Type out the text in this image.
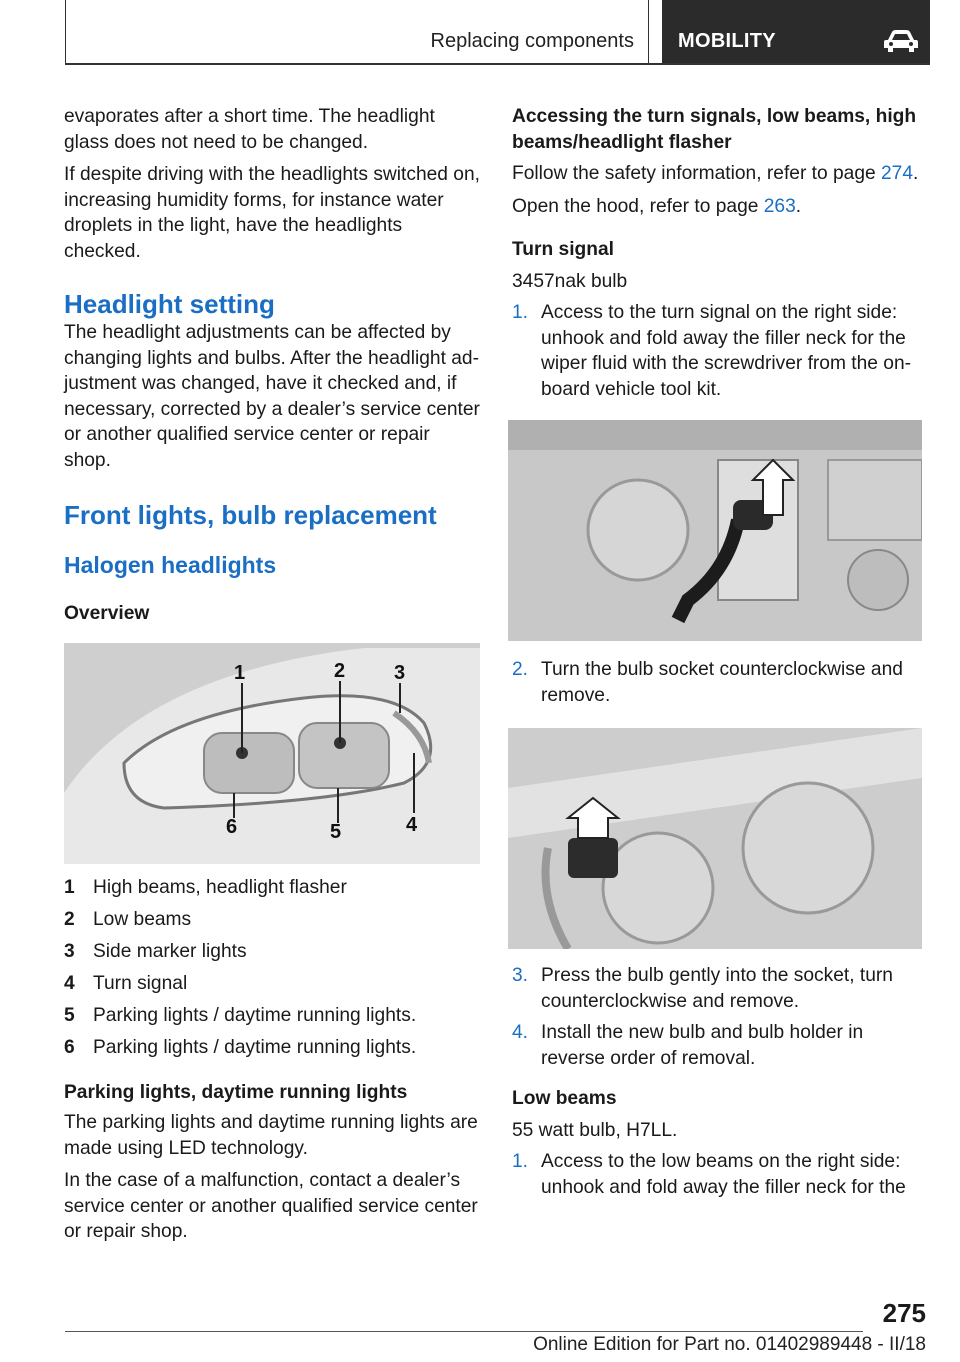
Replacing components MOBILITY

evaporates after a short time. The headlight glass does not need to be changed.

If despite driving with the headlights switched on, increasing humidity forms, for instance water droplets in the light, have the headlights checked.

Headlight setting

The headlight adjustments can be affected by changing lights and bulbs. After the headlight ad‐justment was changed, have it checked and, if necessary, corrected by a dealer’s service center or another qualified service center or repair shop.

Front lights, bulb replacement
Halogen headlights

Overview

1	2 3
6	5	4
1 High beams, headlight flasher
2 Low beams
3 Side marker lights
4 Turn signal
5 Parking lights / daytime running lights.
6 Parking lights / daytime running lights.

Parking lights, daytime running lights

The parking lights and daytime running lights are made using LED technology.

In the case of a malfunction, contact a dealer’s service center or another qualified service center or repair shop.

Accessing the turn signals, low beams, high beams/headlight flasher

Follow the safety information, refer to page 274.

Open the hood, refer to page 263.

Turn signal

3457nak bulb

1. Access to the turn signal on the right side: unhook and fold away the filler neck for the wiper fluid with the screwdriver from the on‐board vehicle tool kit.
2. Turn the bulb socket counterclockwise and remove.
3. Press the bulb gently into the socket, turn counterclockwise and remove.
4. Install the new bulb and bulb holder in reverse order of removal.

Low beams

55 watt bulb, H7LL.

1. Access to the low beams on the right side: unhook and fold away the filler neck for the
275
Online Edition for Part no. 01402989448 - II/18
